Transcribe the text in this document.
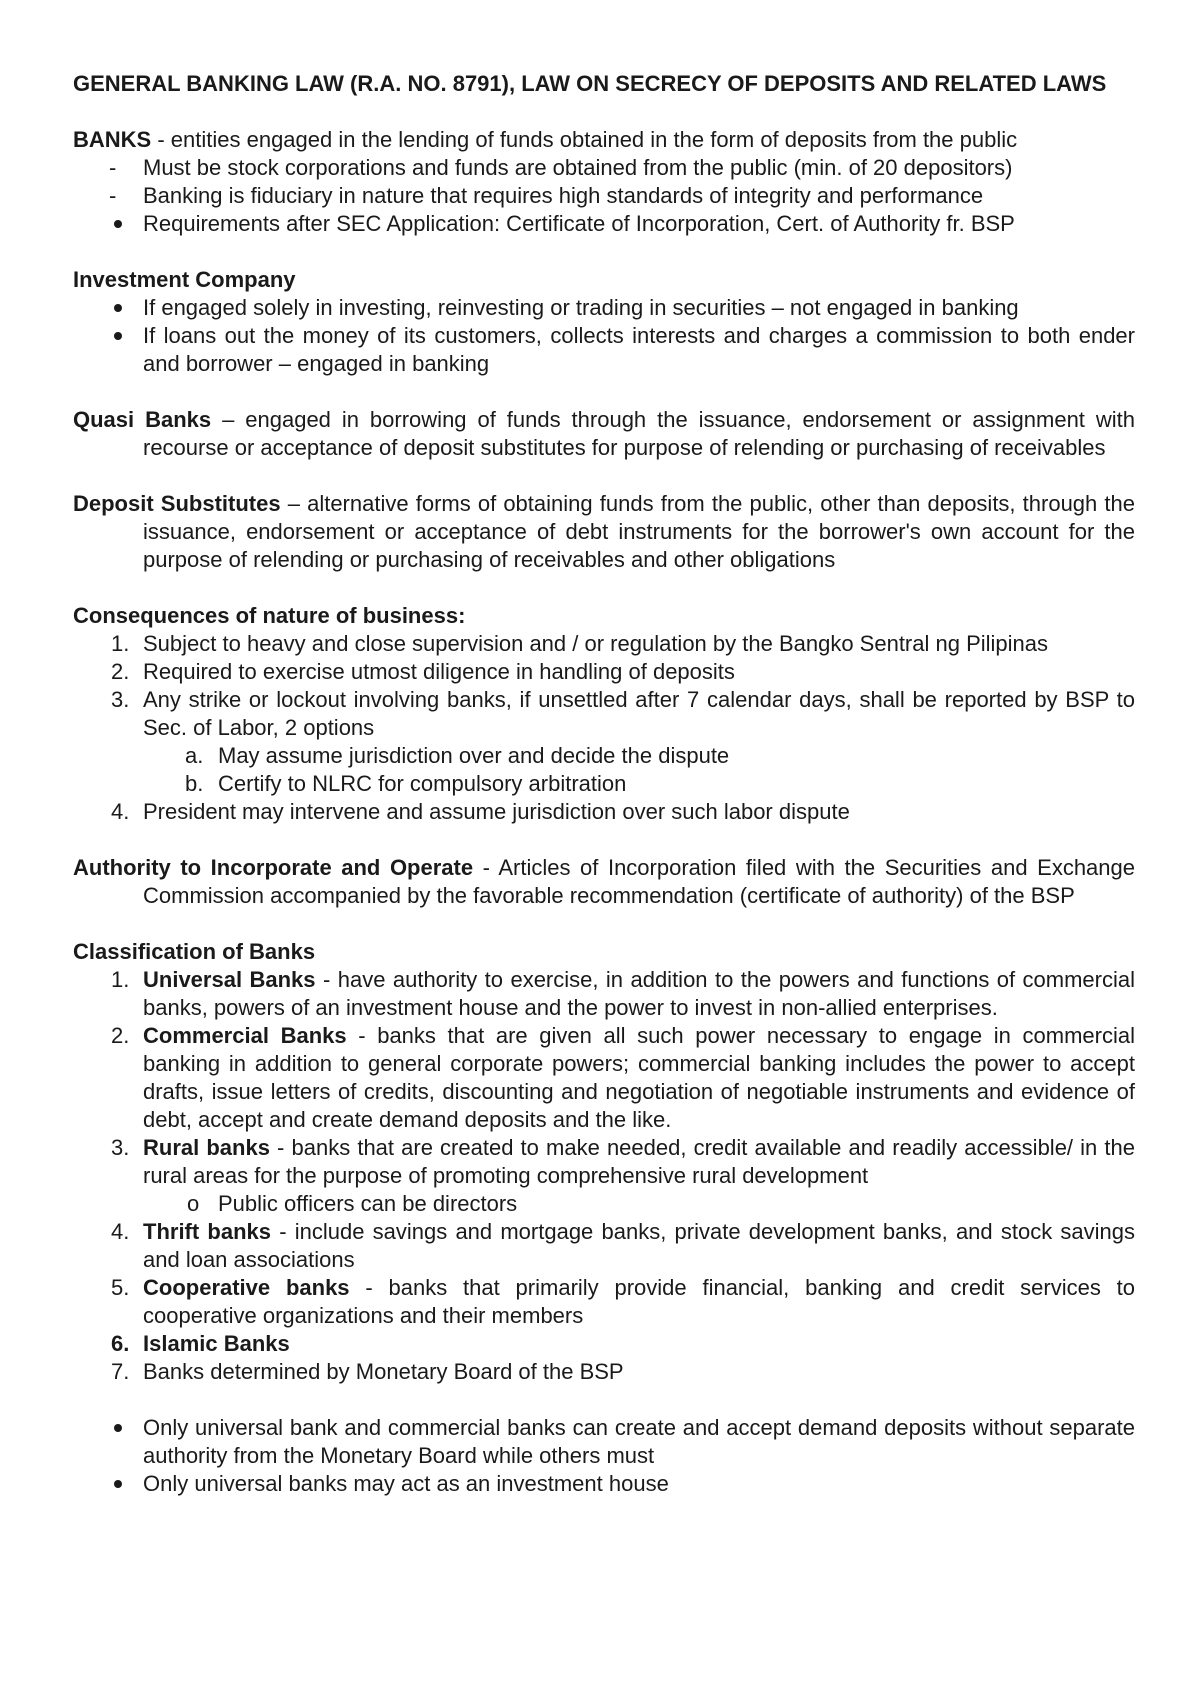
GENERAL BANKING LAW (R.A. NO. 8791), LAW ON SECRECY OF DEPOSITS AND RELATED LAWS

BANKS - entities engaged in the lending of funds obtained in the form of deposits from the public

- Must be stock corporations and funds are obtained from the public (min. of 20 depositors)
- Banking is fiduciary in nature that requires high standards of integrity and performance
Requirements after SEC Application: Certificate of Incorporation, Cert. of Authority fr. BSP

Investment Company

If engaged solely in investing, reinvesting or trading in securities – not engaged in banking
If loans out the money of its customers, collects interests and charges a commission to both ender and borrower – engaged in banking

Quasi Banks – engaged in borrowing of funds through the issuance, endorsement or assignment with recourse or acceptance of deposit substitutes for purpose of relending or purchasing of receivables

Deposit Substitutes – alternative forms of obtaining funds from the public, other than deposits, through the issuance, endorsement or acceptance of debt instruments for the borrower's own account for the purpose of relending or purchasing of receivables and other obligations

Consequences of nature of business:

1. Subject to heavy and close supervision and / or regulation by the Bangko Sentral ng Pilipinas
2. Required to exercise utmost diligence in handling of deposits
3. Any strike or lockout involving banks, if unsettled after 7 calendar days, shall be reported by BSP to Sec. of Labor, 2 options
a. May assume jurisdiction over and decide the dispute
b. Certify to NLRC for compulsory arbitration
4. President may intervene and assume jurisdiction over such labor dispute

Authority to Incorporate and Operate - Articles of Incorporation filed with the Securities and Exchange Commission accompanied by the favorable recommendation (certificate of authority) of the BSP

Classification of Banks

1. Universal Banks - have authority to exercise, in addition to the powers and functions of commercial banks, powers of an investment house and the power to invest in non-allied enterprises.
2. Commercial Banks - banks that are given all such power necessary to engage in commercial banking in addition to general corporate powers; commercial banking includes the power to accept drafts, issue letters of credits, discounting and negotiation of negotiable instruments and evidence of debt, accept and create demand deposits and the like.
3. Rural banks - banks that are created to make needed, credit available and readily accessible/ in the rural areas for the purpose of promoting comprehensive rural development
o Public officers can be directors
4. Thrift banks - include savings and mortgage banks, private development banks, and stock savings and loan associations
5. Cooperative banks - banks that primarily provide financial, banking and credit services to cooperative organizations and their members
6. Islamic Banks
7. Banks determined by Monetary Board of the BSP
Only universal bank and commercial banks can create and accept demand deposits without separate authority from the Monetary Board while others must
Only universal banks may act as an investment house
